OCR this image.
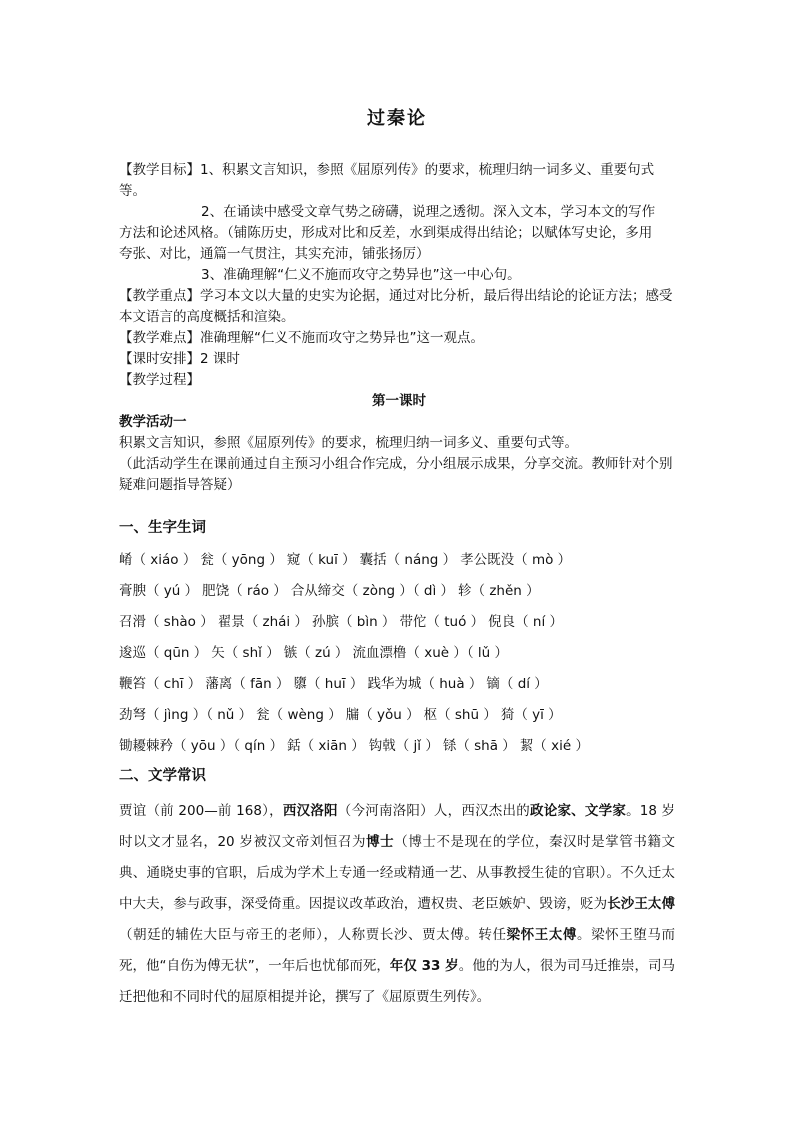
过秦论
【教学目标】1、积累文言知识，参照《屈原列传》的要求，梳理归纳一词多义、重要句式等。
2、在诵读中感受文章气势之磅礴，说理之透彻。深入文本，学习本文的写作
方法和论述风格。（铺陈历史，形成对比和反差，水到渠成得出结论；以赋体写史论，多用
夸张、对比，通篇一气贯注，其实充沛，铺张扬厉）
3、准确理解“仁义不施而攻守之势异也”这一中心句。
【教学重点】学习本文以大量的史实为论据，通过对比分析，最后得出结论的论证方法；感受本文语言的高度概括和渲染。
【教学难点】准确理解“仁义不施而攻守之势异也”这一观点。
【课时安排】2 课时
【教学过程】
第一课时
教学活动一
积累文言知识，参照《屈原列传》的要求，梳理归纳一词多义、重要句式等。
（此活动学生在课前通过自主预习小组合作完成，分小组展示成果，分享交流。教师针对个别疑难问题指导答疑）
一、生字生词
崤（ xiáo ） 瓮（ yōng ） 窥（ kuī ） 囊括（ náng ） 孝公既没（ mò ）
膏腴（ yú ） 肥饶（ ráo ） 合从缔交（ zòng ）（ dì ） 轸（ zhěn ）
召滑（ shào ） 翟景（ zhái ） 孙膑（ bìn ） 带佗（ tuó ） 倪良（ ní ）
逡巡（ qūn ） 矢（ shǐ ） 镞（ zú ） 流血漂橹（ xuè ）（ lǔ ）
鞭笞（ chī ） 藩离（ fān ） 隳（ huī ） 践华为城（ huà ） 镝（ dí ）
劲弩（ jìng ）（ nǔ ） 瓮（ wèng ） 牖（ yǒu ） 枢（ shū ） 猗（ yī ）
锄耰棘矜（ yōu ）（ qín ） 銛（ xiān ） 钩戟（ jǐ ） 铩（ shā ） 絜（ xié ）
二、文学常识
贾谊（前 200—前 168），西汉洛阳（今河南洛阳）人，西汉杰出的政论家、文学家。18 岁时以文才显名，20 岁被汉文帝刘恒召为博士（博士不是现在的学位，秦汉时是掌管书籍文典、通晓史事的官职，后成为学术上专通一经或精通一艺、从事教授生徒的官职）。不久迁太中大夫，参与政事，深受倚重。因提议改革政治，遭权贵、老臣嫉妒、毁谤，贬为长沙王太傅（朝廷的辅佐大臣与帝王的老师），人称贾长沙、贾太傅。转任梁怀王太傅。梁怀王堕马而死，他“自伤为傅无状”，一年后也忧郁而死，年仅 33 岁。他的为人，很为司马迁推崇，司马迁把他和不同时代的屈原相提并论，撰写了《屈原贾生列传》。
